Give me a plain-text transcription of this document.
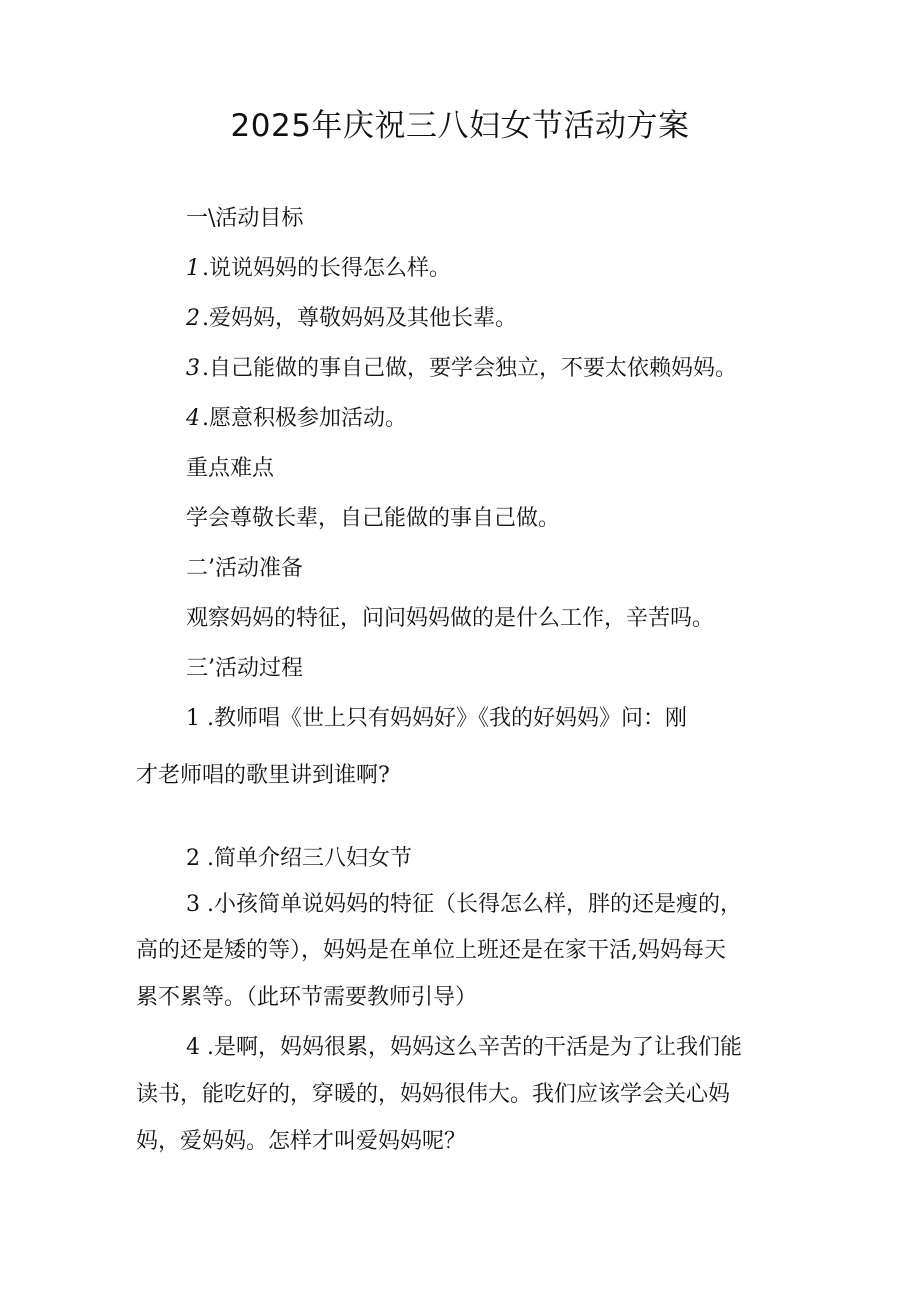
2025年庆祝三八妇女节活动方案
一\活动目标
1.说说妈妈的长得怎么样。
2.爱妈妈，尊敬妈妈及其他长辈。
3.自己能做的事自己做，要学会独立，不要太依赖妈妈。
4.愿意积极参加活动。
重点难点
学会尊敬长辈，自己能做的事自己做。
二’活动准备
观察妈妈的特征，问问妈妈做的是什么工作，辛苦吗。
三’活动过程
1 .教师唱《世上只有妈妈好》《我的好妈妈》问：刚
才老师唱的歌里讲到谁啊?
2 .简单介绍三八妇女节
3 .小孩简单说妈妈的特征（长得怎么样，胖的还是瘦的，
高的还是矮的等），妈妈是在单位上班还是在家干活,妈妈每天
累不累等。（此环节需要教师引导）
4 .是啊，妈妈很累，妈妈这么辛苦的干活是为了让我们能
读书，能吃好的，穿暖的，妈妈很伟大。我们应该学会关心妈
妈，爱妈妈。怎样才叫爱妈妈呢？
